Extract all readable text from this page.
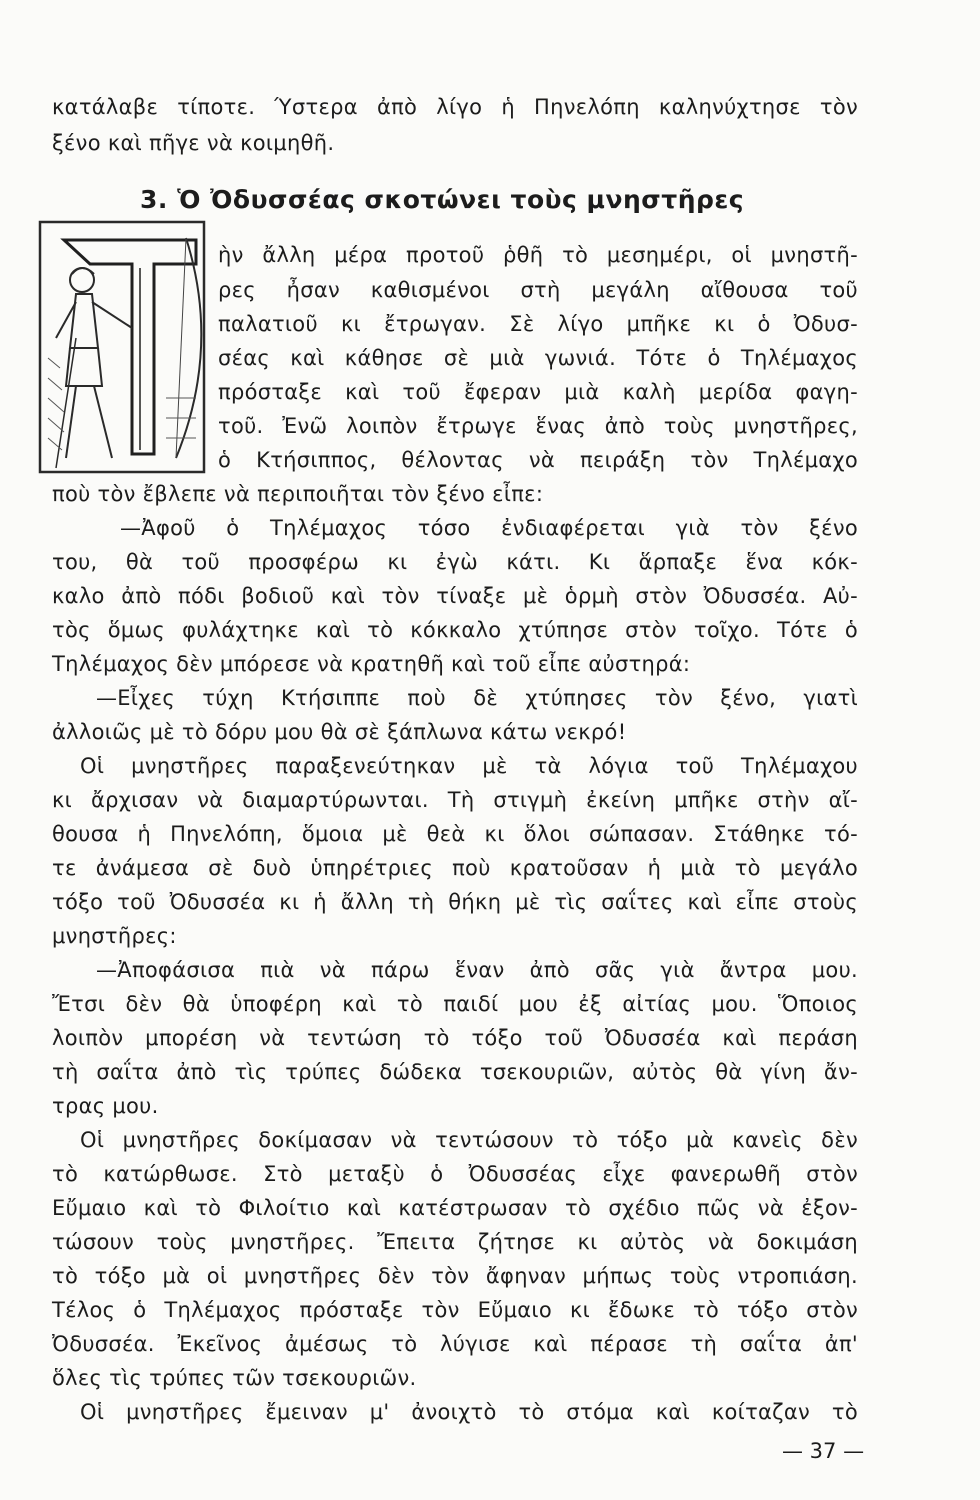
κατάλαβε τίποτε. Ύστερα ἀπὸ λίγο ἡ Πηνελόπη καληνύχτησε τὸν
ξένο καὶ πῆγε νὰ κοιμηθῆ.
3. Ὁ Ὀδυσσέας σκοτώνει τοὺς μνηστῆρες
ὴν ἄλλη μέρα προτοῦ ῥθῆ τὸ μεσημέρι, οἱ μνηστῆ-
ρες ἦσαν καθισμένοι στὴ μεγάλη αἴθουσα τοῦ
παλατιοῦ κι ἔτρωγαν. Σὲ λίγο μπῆκε κι ὁ Ὀδυσ-
σέας καὶ κάθησε σὲ μιὰ γωνιά. Τότε ὁ Τηλέμαχος
πρόσταξε καὶ τοῦ ἔφεραν μιὰ καλὴ μερίδα φαγη-
τοῦ. Ἐνῶ λοιπὸν ἔτρωγε ἕνας ἀπὸ τοὺς μνηστῆρες,
ὁ Κτήσιππος, θέλοντας νὰ πειράξη τὸν Τηλέμαχο
ποὺ τὸν ἔβλεπε νὰ περιποιῆται τὸν ξένο εἶπε:
—Ἀφοῦ ὁ Τηλέμαχος τόσο ἐνδιαφέρεται γιὰ τὸν ξένο
του, θὰ τοῦ προσφέρω κι ἐγὼ κάτι. Κι ἅρπαξε ἕνα κόκ-
καλο ἀπὸ πόδι βοδιοῦ καὶ τὸν τίναξε μὲ ὁρμὴ στὸν Ὀδυσσέα. Αὐ-
τὸς ὅμως φυλάχτηκε καὶ τὸ κόκκαλο χτύπησε στὸν τοῖχο. Τότε ὁ
Τηλέμαχος δὲν μπόρεσε νὰ κρατηθῆ καὶ τοῦ εἶπε αὐστηρά:
—Εἶχες τύχη Κτήσιππε ποὺ δὲ χτύπησες τὸν ξένο, γιατὶ
ἀλλοιῶς μὲ τὸ δόρυ μου θὰ σὲ ξάπλωνα κάτω νεκρό!
Οἱ μνηστῆρες παραξενεύτηκαν μὲ τὰ λόγια τοῦ Τηλέμαχου
κι ἄρχισαν νὰ διαμαρτύρωνται. Τὴ στιγμὴ ἐκείνη μπῆκε στὴν αἴ-
θουσα ἡ Πηνελόπη, ὅμοια μὲ θεὰ κι ὅλοι σώπασαν. Στάθηκε τό-
τε ἀνάμεσα σὲ δυὸ ὑπηρέτριες ποὺ κρατοῦσαν ἡ μιὰ τὸ μεγάλο
τόξο τοῦ Ὀδυσσέα κι ἡ ἄλλη τὴ θήκη μὲ τὶς σαΐτες καὶ εἶπε στοὺς
μνηστῆρες:
—Ἀποφάσισα πιὰ νὰ πάρω ἕναν ἀπὸ σᾶς γιὰ ἄντρα μου.
Ἔτσι δὲν θὰ ὑποφέρη καὶ τὸ παιδί μου ἐξ αἰτίας μου. Ὅποιος
λοιπὸν μπορέση νὰ τεντώση τὸ τόξο τοῦ Ὀδυσσέα καὶ περάση
τὴ σαΐτα ἀπὸ τὶς τρύπες δώδεκα τσεκουριῶν, αὐτὸς θὰ γίνη ἄν-
τρας μου.
Οἱ μνηστῆρες δοκίμασαν νὰ τεντώσουν τὸ τόξο μὰ κανεὶς δὲν
τὸ κατώρθωσε. Στὸ μεταξὺ ὁ Ὀδυσσέας εἶχε φανερωθῆ στὸν
Εὔμαιο καὶ τὸ Φιλοίτιο καὶ κατέστρωσαν τὸ σχέδιο πῶς νὰ ἐξον-
τώσουν τοὺς μνηστῆρες. Ἔπειτα ζήτησε κι αὐτὸς νὰ δοκιμάση
τὸ τόξο μὰ οἱ μνηστῆρες δὲν τὸν ἄφηναν μήπως τοὺς ντροπιάση.
Τέλος ὁ Τηλέμαχος πρόσταξε τὸν Εὔμαιο κι ἔδωκε τὸ τόξο στὸν
Ὀδυσσέα. Ἐκεῖνος ἀμέσως τὸ λύγισε καὶ πέρασε τὴ σαΐτα ἀπ'
ὅλες τὶς τρύπες τῶν τσεκουριῶν.
Οἱ μνηστῆρες ἔμειναν μ' ἀνοιχτὸ τὸ στόμα καὶ κοίταζαν τὸ
— 37 —
